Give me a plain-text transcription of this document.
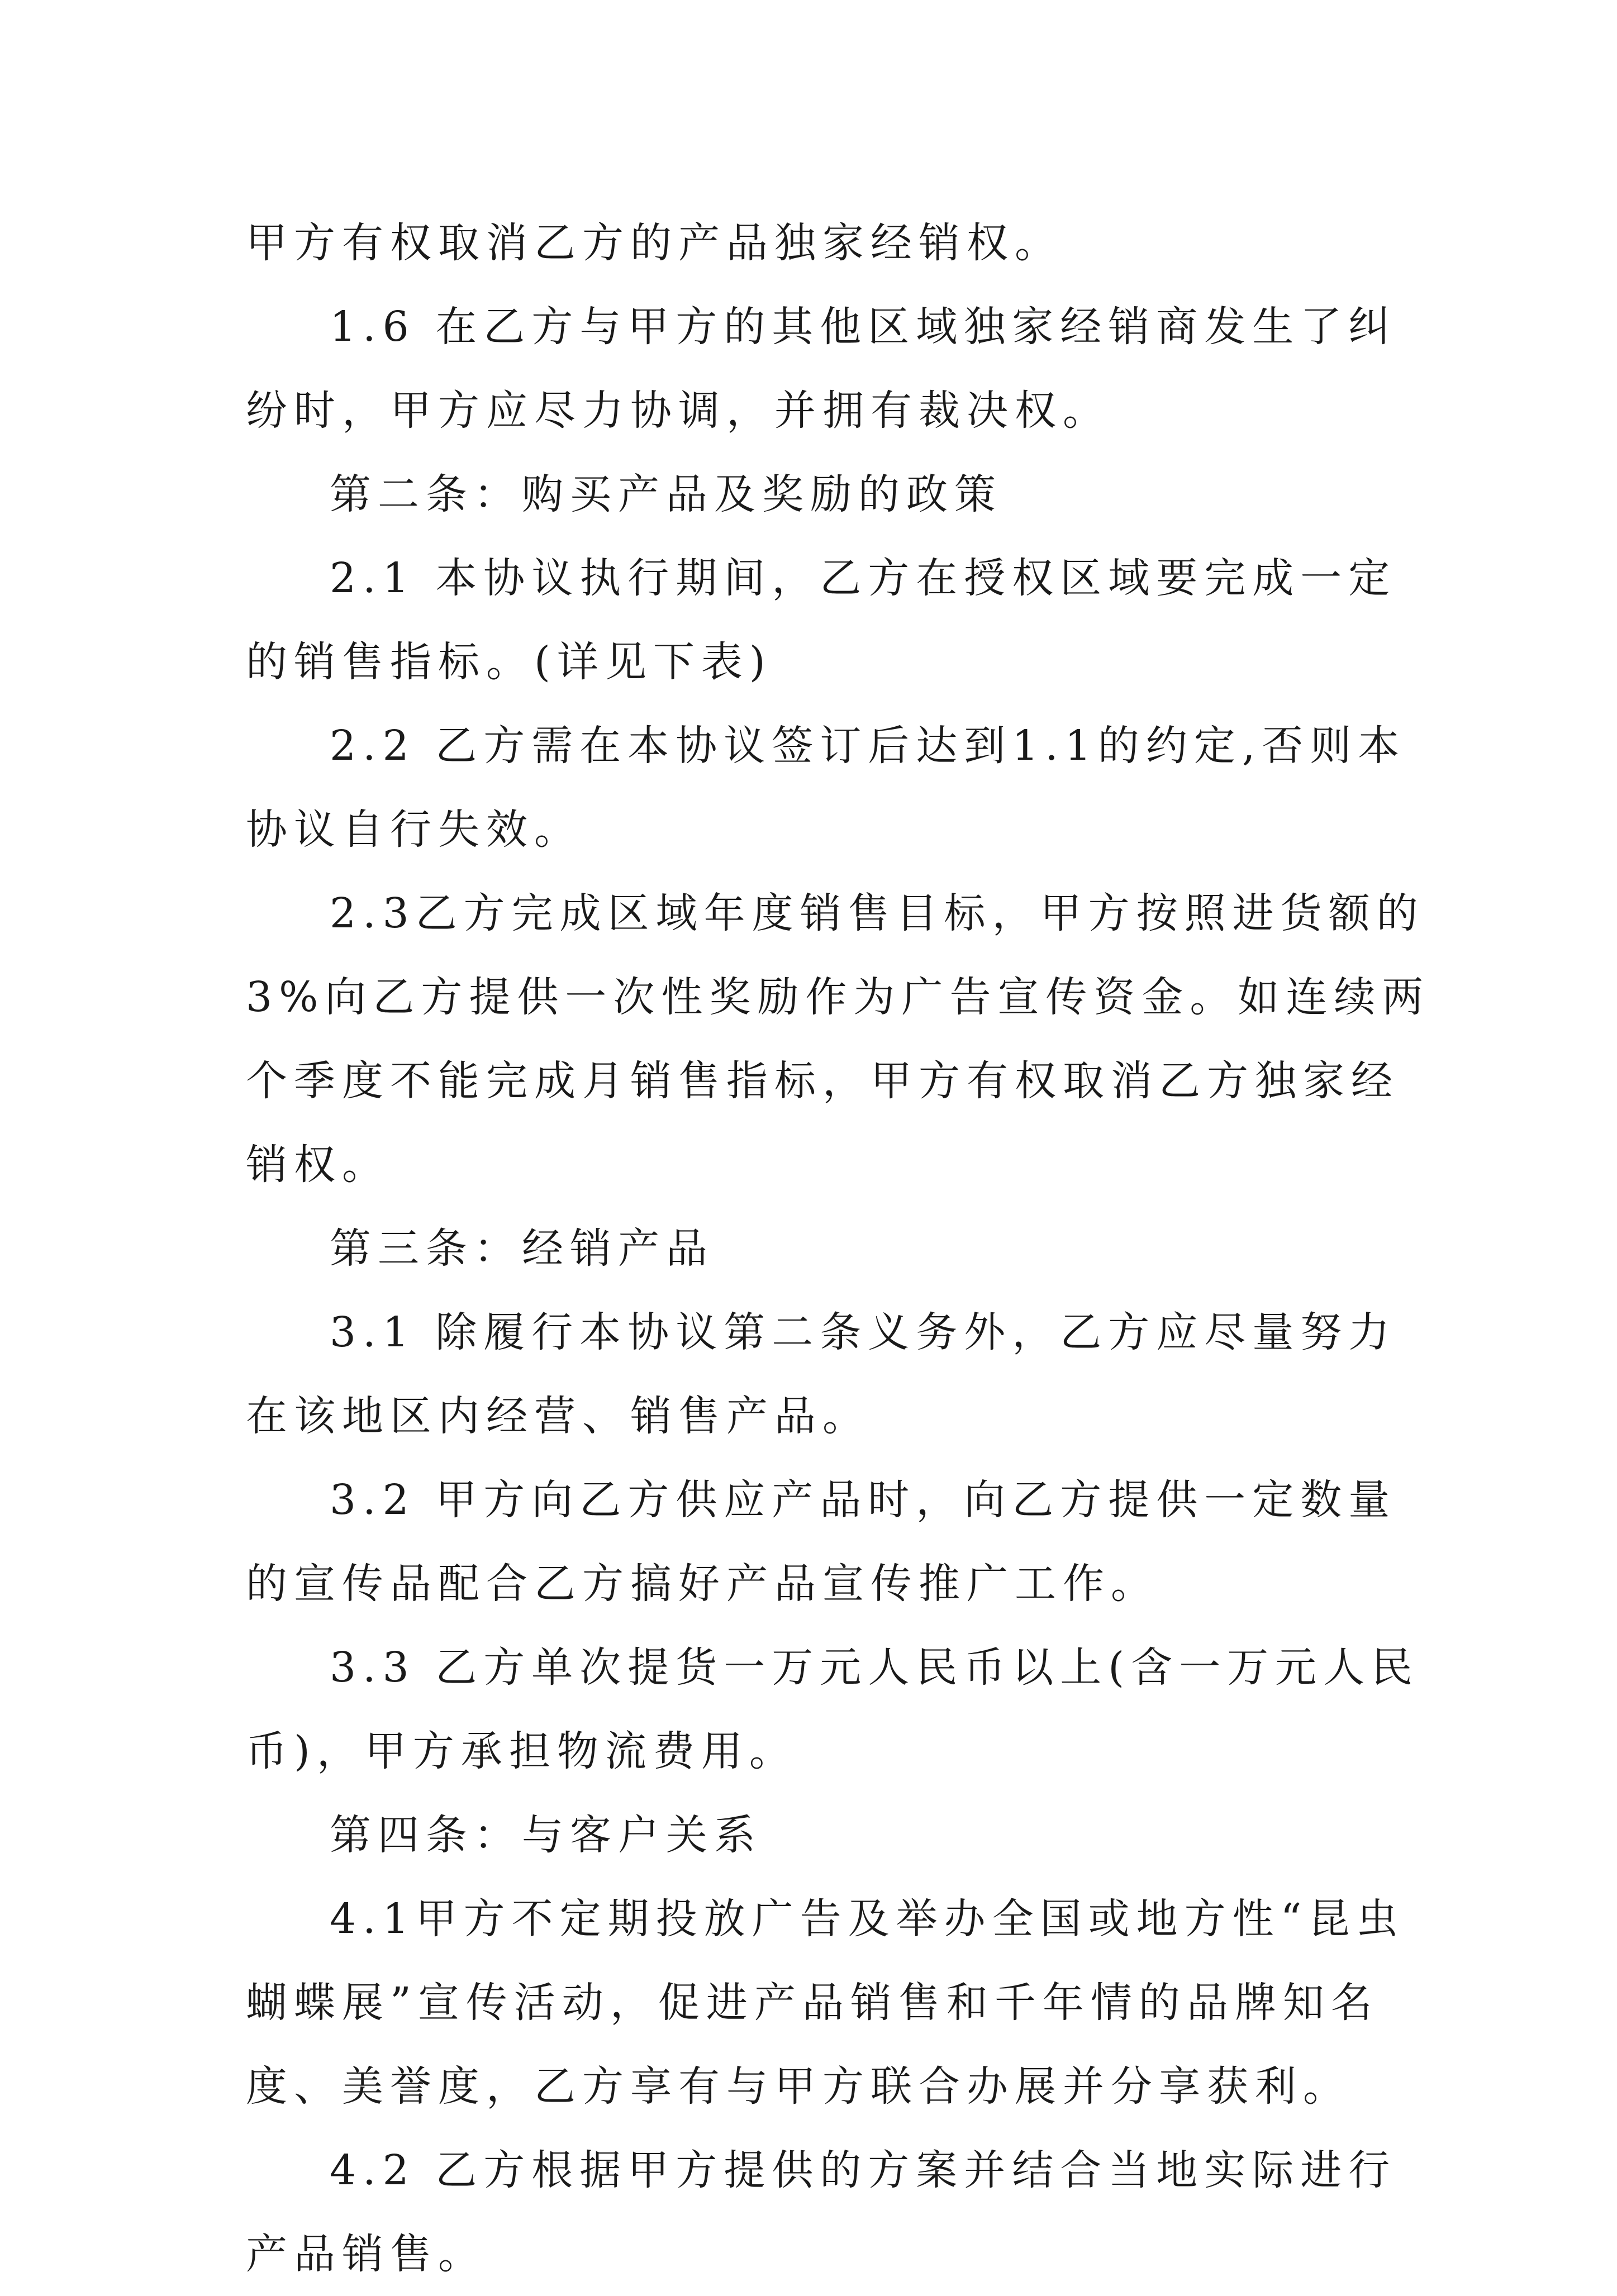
甲方有权取消乙方的产品独家经销权。

1.6 在乙方与甲方的其他区域独家经销商发生了纠纷时，甲方应尽力协调，并拥有裁决权。

第二条：购买产品及奖励的政策

2.1 本协议执行期间，乙方在授权区域要完成一定的销售指标。(详见下表)

2.2 乙方需在本协议签订后达到1.1的约定,否则本协议自行失效。

2.3乙方完成区域年度销售目标，甲方按照进货额的3%向乙方提供一次性奖励作为广告宣传资金。如连续两个季度不能完成月销售指标，甲方有权取消乙方独家经销权。

第三条：经销产品

3.1 除履行本协议第二条义务外，乙方应尽量努力在该地区内经营、销售产品。

3.2 甲方向乙方供应产品时，向乙方提供一定数量的宣传品配合乙方搞好产品宣传推广工作。

3.3 乙方单次提货一万元人民币以上(含一万元人民币)，甲方承担物流费用。

第四条：与客户关系

4.1甲方不定期投放广告及举办全国或地方性“昆虫蝴蝶展”宣传活动，促进产品销售和千年情的品牌知名度、美誉度，乙方享有与甲方联合办展并分享获利。

4.2 乙方根据甲方提供的方案并结合当地实际进行产品销售。
